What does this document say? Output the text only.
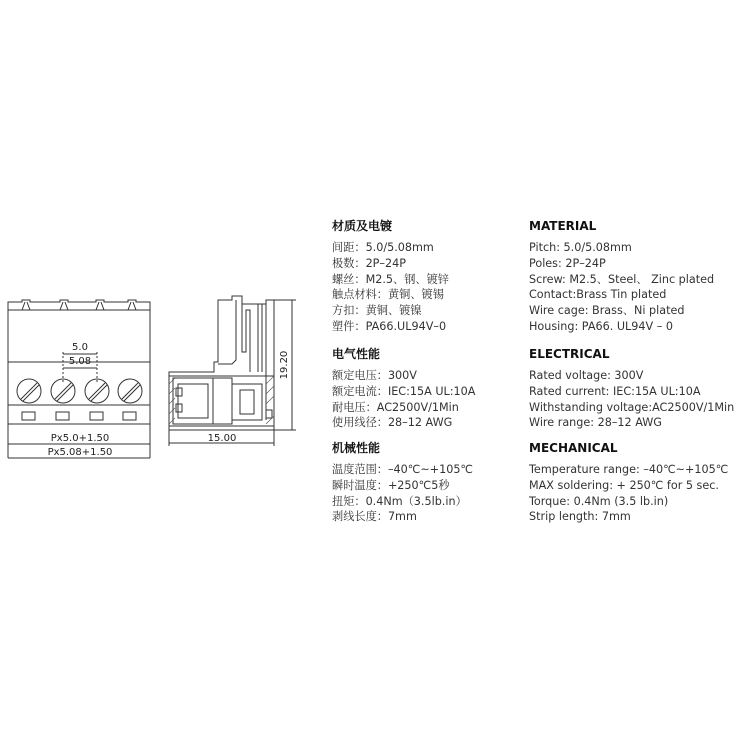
5.0
5.08
Px5.0+1.50
Px5.08+1.50
19.20
15.00
材质及电镀
间距：5.0/5.08mm
极数：2P–24P
螺丝：M2.5、钢、镀锌
触点材料：黄铜、镀锡
方扣：黄铜、镀镍
塑件：PA66.UL94V–0
电气性能
额定电压：300V
额定电流：IEC:15A UL:10A
耐电压：AC2500V/1Min
使用线径：28–12 AWG
机械性能
温度范围：–40℃~+105℃
瞬时温度：+250℃5秒
扭矩：0.4Nm（3.5lb.in）
剥线长度：7mm
MATERIAL
Pitch: 5.0/5.08mm
Poles: 2P–24P
Screw: M2.5、Steel、 Zinc plated
Contact:Brass Tin plated
Wire cage: Brass、Ni plated
Housing: PA66. UL94V – 0
ELECTRICAL
Rated voltage: 300V
Rated current: IEC:15A UL:10A
Withstanding voltage:AC2500V/1Min
Wire range: 28–12 AWG
MECHANICAL
Temperature range: –40℃~+105℃
MAX soldering: + 250℃ for 5 sec.
Torque: 0.4Nm (3.5 lb.in)
Strip length: 7mm
